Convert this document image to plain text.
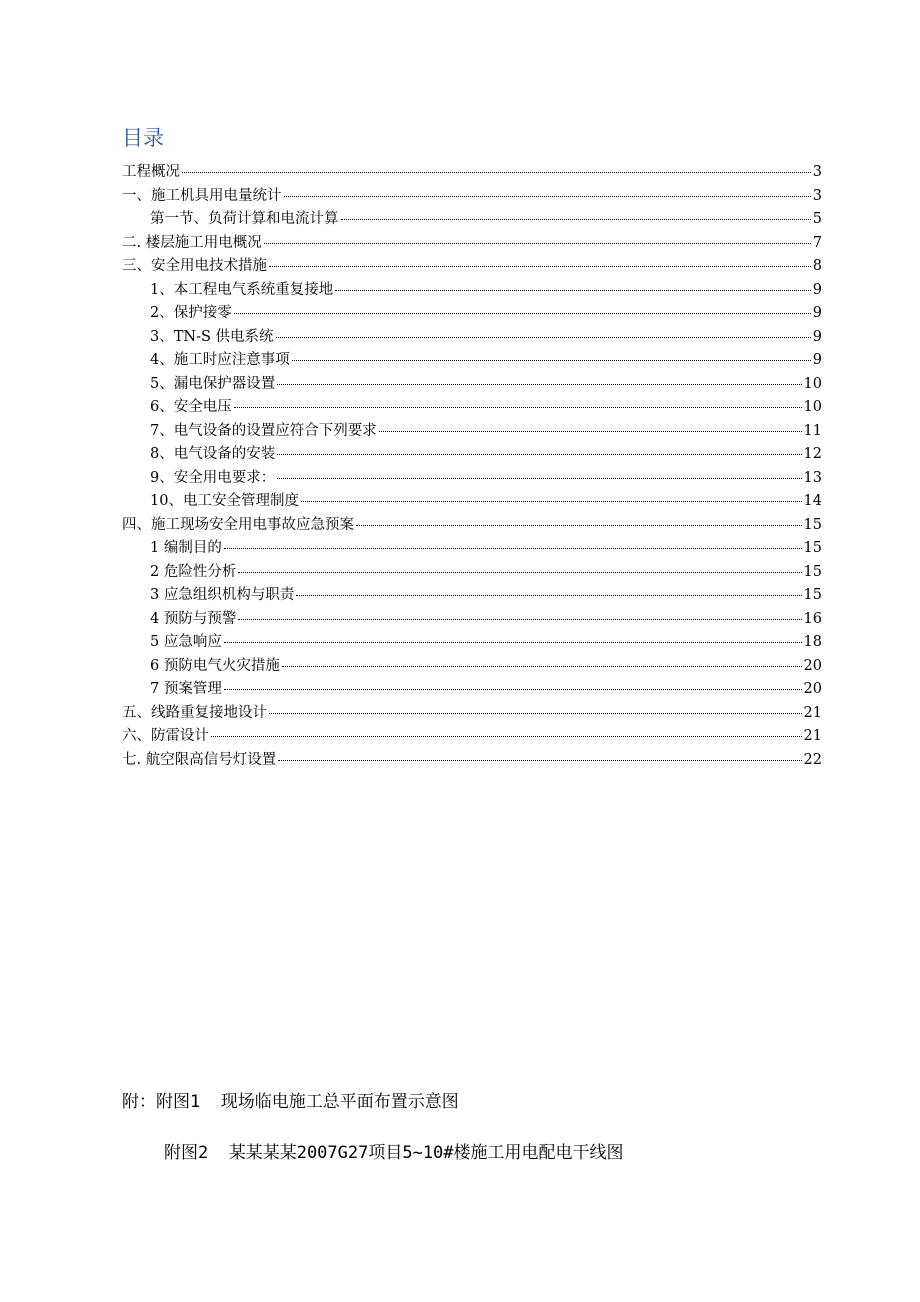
目录
工程概况	3
一、施工机具用电量统计	3
第一节、负荷计算和电流计算	5
二. 楼层施工用电概况	7
三、安全用电技术措施	8
1、本工程电气系统重复接地	9
2、保护接零	9
3、TN-S 供电系统	9
4、施工时应注意事项	9
5、漏电保护器设置	10
6、安全电压	10
7、电气设备的设置应符合下列要求	11
8、电气设备的安装	12
9、安全用电要求：	13
10、电工安全管理制度	14
四、施工现场安全用电事故应急预案	15
1 编制目的	15
2 危险性分析	15
3 应急组织机构与职责	15
4 预防与预警	16
5 应急响应	18
6 预防电气火灾措施	20
7 预案管理	20
五、线路重复接地设计	21
六、防雷设计	21
七. 航空限高信号灯设置	22
附：附图1  现场临电施工总平面布置示意图
附图2  某某某某2007G27项目5~10#楼施工用电配电干线图
